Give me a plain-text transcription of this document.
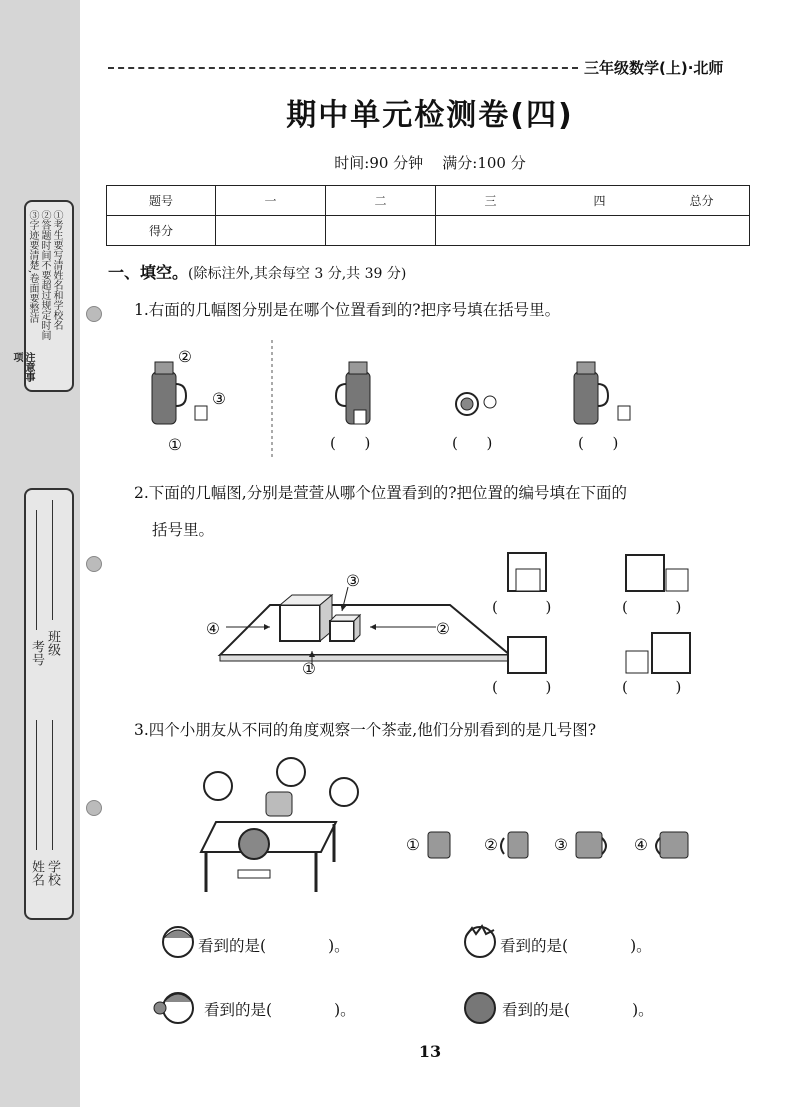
①考生要写清姓名和学校名
②答题时间不要超过规定时间
③字迹要清楚,卷面要整洁
注意事项
班级
考号
学校
姓名
三年级数学(上)·北师
期中单元检测卷(四)
时间:90 分钟 满分:100 分
题号	一	二	三	四	总分
得分					
一、填空。(除标注外,其余每空 3 分,共 39 分)
1.右面的几幅图分别是在哪个位置看到的?把序号填在括号里。
②
③
①	(      )	(      )	(      )
2.下面的几幅图,分别是萱萱从哪个位置看到的?把位置的编号填在下面的
括号里。
③
④	②
①
(          )	(          )
(          )	(          )
3.四个小朋友从不同的角度观察一个茶壶,他们分别看到的是几号图?
①	②	③	④
看到的是(	)。	看到的是(	)。
看到的是(	)。	看到的是(	)。
13
